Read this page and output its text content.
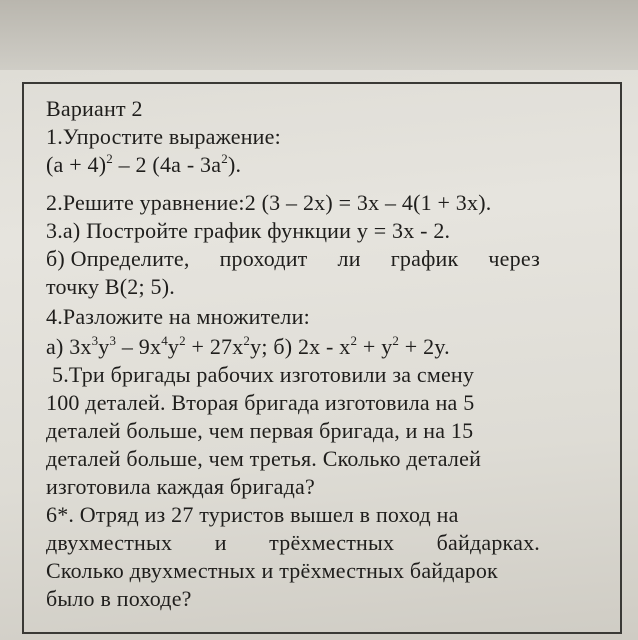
Вариант 2
1.Упростите выражение:
$(a + 4)^2 - 2$ $(4a - 3a^2)$.
2.Решите уравнение:2 (3 – 2x) = 3x – 4(1 + 3x).
3.а) Постройте график функции y = 3x - 2.
б) Определите, проходит ли график через
точку B(2; 5).
4.Разложите на множители:
а) $3x^3y^3 - 9x^4y^2 + 27x^2y$; б) $2x - x^2 + y^2 + 2y$.
5.Три бригады рабочих изготовили за смену
100 деталей. Вторая бригада изготовила на 5
деталей больше, чем первая бригада, и на 15
деталей больше, чем третья. Сколько деталей
изготовила каждая бригада?
6*. Отряд из 27 туристов вышел в поход на
двухместных и трёхместных байдарках.
Сколько двухместных и трёхместных байдарок
было в походе?
